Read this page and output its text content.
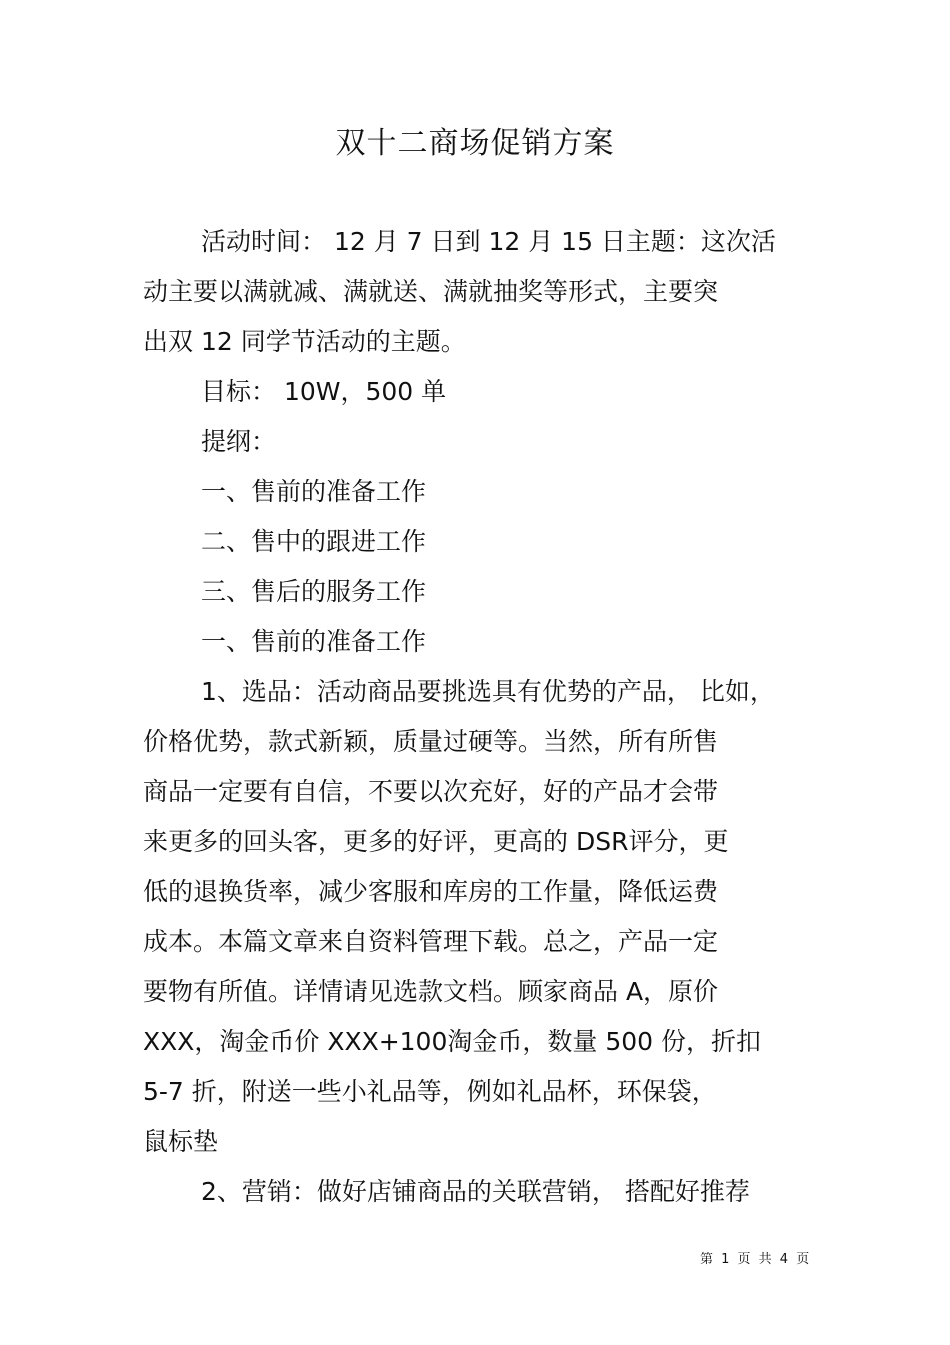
双十二商场促销方案
活动时间： 12 月 7 日到 12 月 15 日主题：这次活
动主要以满就减、满就送、满就抽奖等形式，主要突
出双 12 同学节活动的主题。
目标： 10W，500 单
提纲：
一、售前的准备工作
二、售中的跟进工作
三、售后的服务工作
一、售前的准备工作
1、选品：活动商品要挑选具有优势的产品， 比如，
价格优势，款式新颖，质量过硬等。当然，所有所售
商品一定要有自信，不要以次充好，好的产品才会带
来更多的回头客，更多的好评，更高的 DSR评分，更
低的退换货率，减少客服和库房的工作量，降低运费
成本。本篇文章来自资料管理下载。总之，产品一定
要物有所值。详情请见选款文档。顾家商品 A，原价
XXX，淘金币价 XXX+100淘金币，数量 500 份，折扣
5-7 折，附送一些小礼品等，例如礼品杯，环保袋，
鼠标垫
2、营销：做好店铺商品的关联营销， 搭配好推荐
第 1 页 共 4 页
